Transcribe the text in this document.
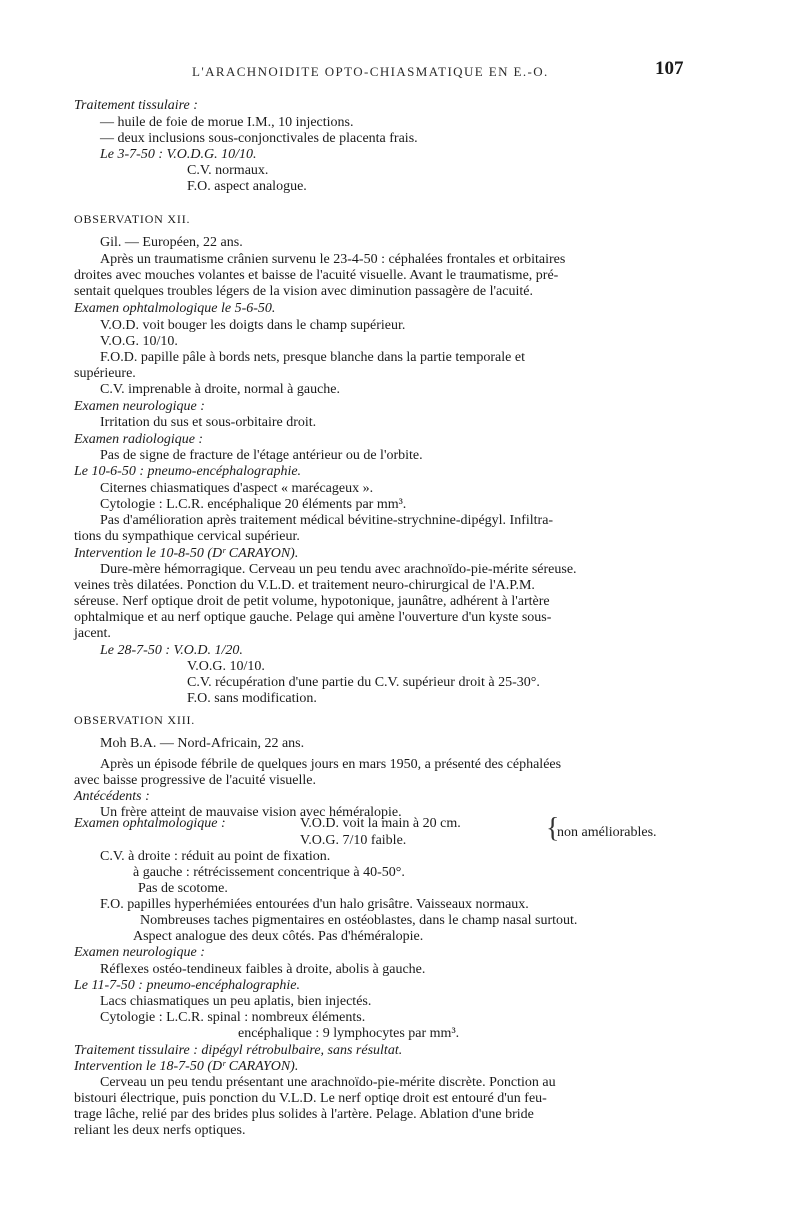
L'ARACHNOIDITE OPTO-CHIASMATIQUE EN E.-O.	107
Traitement tissulaire :
— huile de foie de morue I.M., 10 injections.
— deux inclusions sous-conjonctivales de placenta frais.
Le 3-7-50 : V.O.D.G. 10/10.
C.V. normaux.
F.O. aspect analogue.
OBSERVATION XII.
Gil. — Européen, 22 ans.
Après un traumatisme crânien survenu le 23-4-50 : céphalées frontales et orbitaires
droites avec mouches volantes et baisse de l'acuité visuelle. Avant le traumatisme, pré-
sentait quelques troubles légers de la vision avec diminution passagère de l'acuité.
Examen ophtalmologique le 5-6-50.
V.O.D. voit bouger les doigts dans le champ supérieur.
V.O.G. 10/10.
F.O.D. papille pâle à bords nets, presque blanche dans la partie temporale et
supérieure.
C.V. imprenable à droite, normal à gauche.
Examen neurologique :
Irritation du sus et sous-orbitaire droit.
Examen radiologique :
Pas de signe de fracture de l'étage antérieur ou de l'orbite.
Le 10-6-50 : pneumo-encéphalographie.
Citernes chiasmatiques d'aspect « marécageux ».
Cytologie : L.C.R. encéphalique 20 éléments par mm³.
Pas d'amélioration après traitement médical bévitine-strychnine-dipégyl. Infiltra-
tions du sympathique cervical supérieur.
Intervention le 10-8-50 (Dʳ CARAYON).
Dure-mère hémorragique. Cerveau un peu tendu avec arachnoïdo-pie-mérite séreuse.
veines très dilatées. Ponction du V.L.D. et traitement neuro-chirurgical de l'A.P.M.
séreuse. Nerf optique droit de petit volume, hypotonique, jaunâtre, adhérent à l'artère
ophtalmique et au nerf optique gauche. Pelage qui amène l'ouverture d'un kyste sous-
jacent.
Le 28-7-50 : V.O.D. 1/20.
V.O.G. 10/10.
C.V. récupération d'une partie du C.V. supérieur droit à 25-30°.
F.O. sans modification.
OBSERVATION XIII.
Moh B.A. — Nord-Africain, 22 ans.
Après un épisode fébrile de quelques jours en mars 1950, a présenté des céphalées
avec baisse progressive de l'acuité visuelle.
Antécédents :
Un frère atteint de mauvaise vision avec héméralopie.
Examen ophtalmologique :	V.O.D. voit la main à 20 cm.
V.O.G. 7/10 faible.	{
non améliorables.
C.V. à droite : réduit au point de fixation.
à gauche : rétrécissement concentrique à 40-50°.
Pas de scotome.
F.O. papilles hyperhémiées entourées d'un halo grisâtre. Vaisseaux normaux.
Nombreuses taches pigmentaires en ostéoblastes, dans le champ nasal surtout.
Aspect analogue des deux côtés. Pas d'héméralopie.
Examen neurologique :
Réflexes ostéo-tendineux faibles à droite, abolis à gauche.
Le 11-7-50 : pneumo-encéphalographie.
Lacs chiasmatiques un peu aplatis, bien injectés.
Cytologie : L.C.R. spinal : nombreux éléments.
encéphalique : 9 lymphocytes par mm³.
Traitement tissulaire : dipégyl rétrobulbaire, sans résultat.
Intervention le 18-7-50 (Dʳ CARAYON).
Cerveau un peu tendu présentant une arachnoïdo-pie-mérite discrète. Ponction au
bistouri électrique, puis ponction du V.L.D. Le nerf optiqe droit est entouré d'un feu-
trage lâche, relié par des brides plus solides à l'artère. Pelage. Ablation d'une bride
reliant les deux nerfs optiques.
